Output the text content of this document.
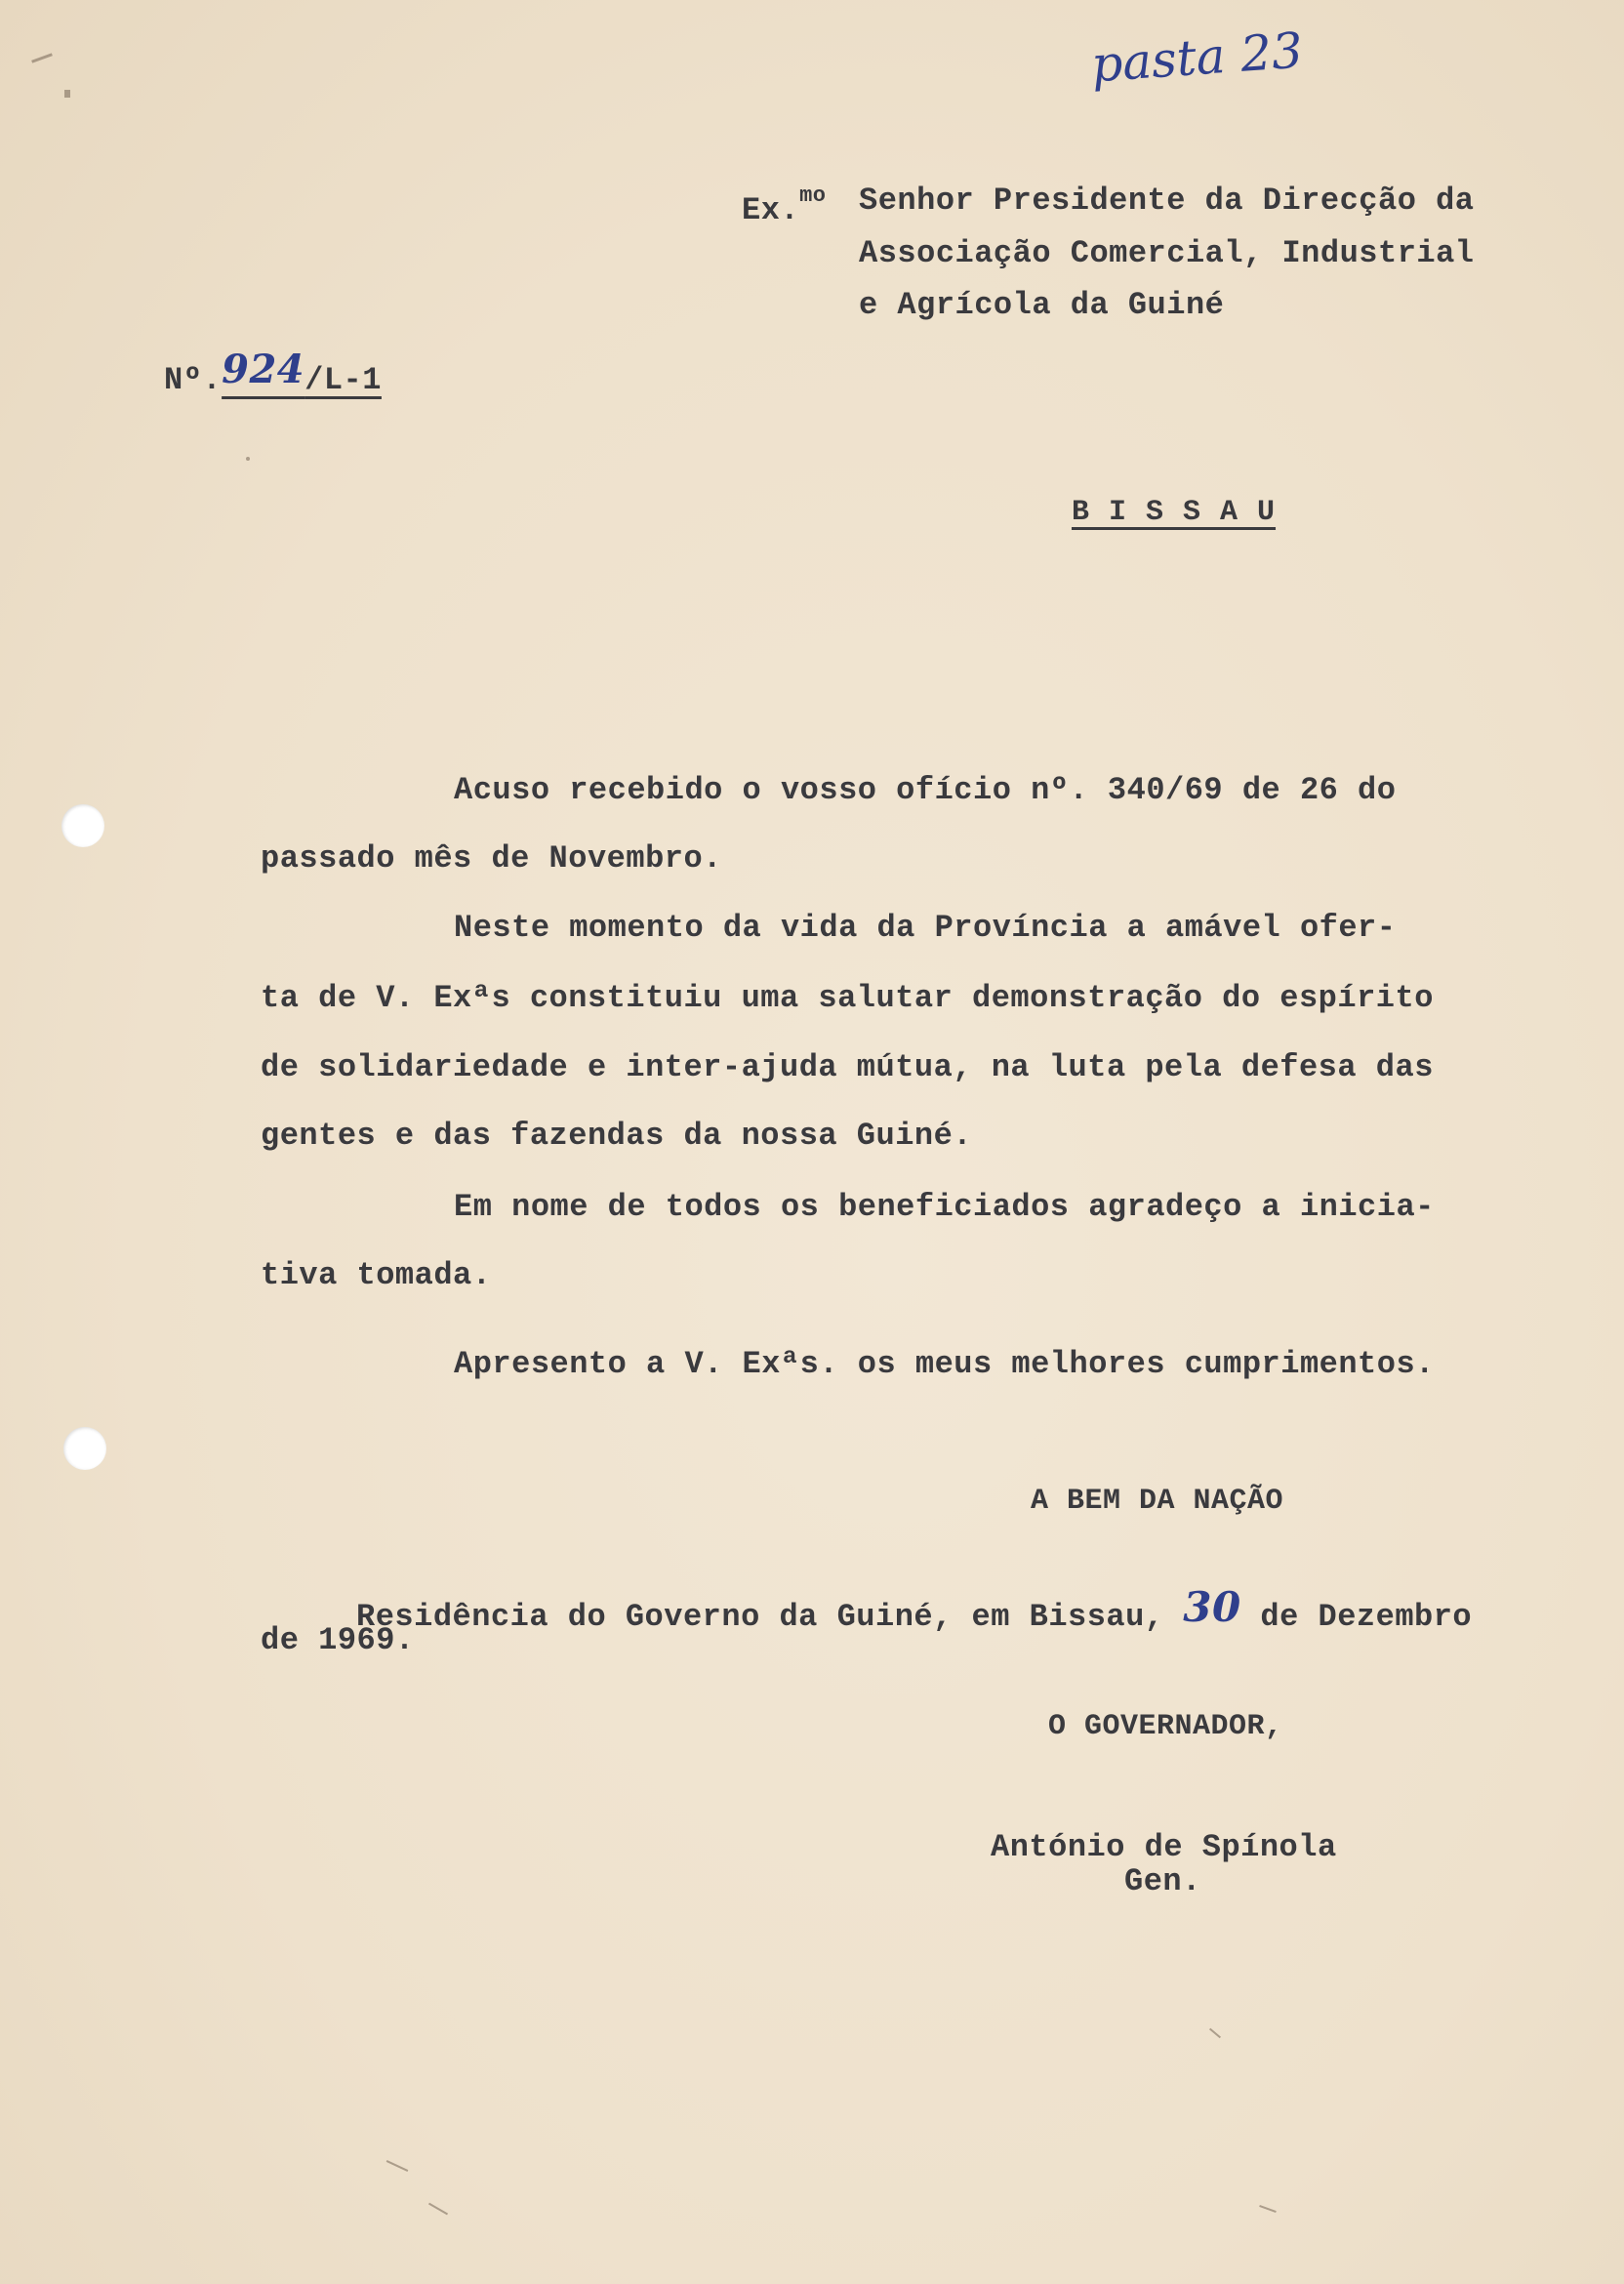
pasta 23
Ex.$^{mo}$ Senhor Presidente da Direcção da
Associação Comercial, Industrial
e Agrícola da Guiné
Nº.924/L-1
B I S S A U
Acuso recebido o vosso ofício nº. 340/69 de 26 do
passado mês de Novembro.
Neste momento da vida da Província a amável ofer-
ta de V. Exªs constituiu uma salutar demonstração do espírito
de solidariedade e inter-ajuda mútua, na luta pela defesa das
gentes e das fazendas da nossa Guiné.
Em nome de todos os beneficiados agradeço a inicia-
tiva tomada.
Apresento a V. Exªs. os meus melhores cumprimentos.
A BEM DA NAÇÃO
Residência do Governo da Guiné, em Bissau, 30 de Dezembro
de 1969.
O GOVERNADOR,
António de Spínola
Gen.
